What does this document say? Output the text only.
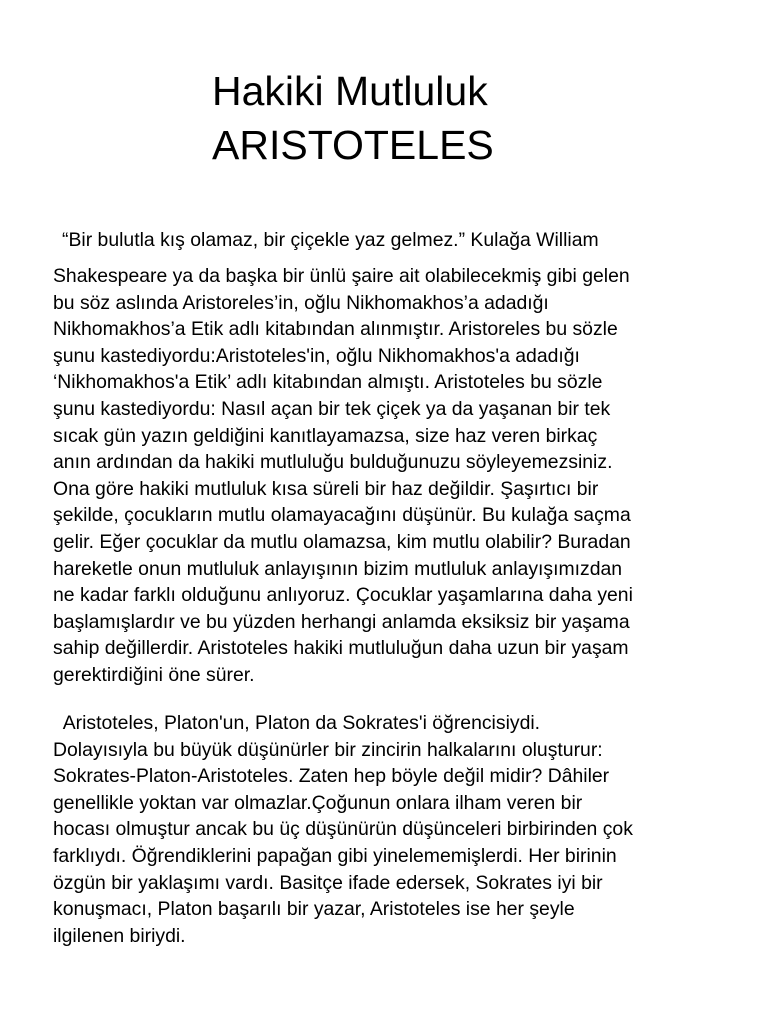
Hakiki Mutluluk
ARISTOTELES
“Bir bulutla kış olamaz, bir çiçekle yaz gelmez.” Kulağa William
Shakespeare ya da başka bir ünlü şaire ait olabilecekmiş gibi gelen
bu söz aslında Aristoreles’in, oğlu Nikhomakhos’a adadığı
Nikhomakhos’a Etik adlı kitabından alınmıştır. Aristoreles bu sözle
şunu kastediyordu:Aristoteles'in, oğlu Nikhomakhos'a adadığı
‘Nikhomakhos'a Etik’ adlı kitabından almıştı. Aristoteles bu sözle
şunu kastediyordu: Nasıl açan bir tek çiçek ya da yaşanan bir tek
sıcak gün yazın geldiğini kanıtlayamazsa, size haz veren birkaç
anın ardından da hakiki mutluluğu bulduğunuzu söyleyemezsiniz.
Ona göre hakiki mutluluk kısa süreli bir haz değildir. Şaşırtıcı bir
şekilde, çocukların mutlu olamayacağını düşünür. Bu kulağa saçma
gelir. Eğer çocuklar da mutlu olamazsa, kim mutlu olabilir? Buradan
hareketle onun mutluluk anlayışının bizim mutluluk anlayışımızdan
ne kadar farklı olduğunu anlıyoruz. Çocuklar yaşamlarına daha yeni
başlamışlardır ve bu yüzden herhangi anlamda eksiksiz bir yaşama
sahip değillerdir. Aristoteles hakiki mutluluğun daha uzun bir yaşam
gerektirdiğini öne sürer.
Aristoteles, Platon'un, Platon da Sokrates'i öğrencisiydi.
Dolayısıyla bu büyük düşünürler bir zincirin halkalarını oluşturur:
Sokrates-Platon-Aristoteles. Zaten hep böyle değil midir? Dâhiler
genellikle yoktan var olmazlar.Çoğunun onlara ilham veren bir
hocası olmuştur ancak bu üç düşünürün düşünceleri birbirinden çok
farklıydı. Öğrendiklerini papağan gibi yinelememişlerdi. Her birinin
özgün bir yaklaşımı vardı. Basitçe ifade edersek, Sokrates iyi bir
konuşmacı, Platon başarılı bir yazar, Aristoteles ise her şeyle
ilgilenen biriydi.
